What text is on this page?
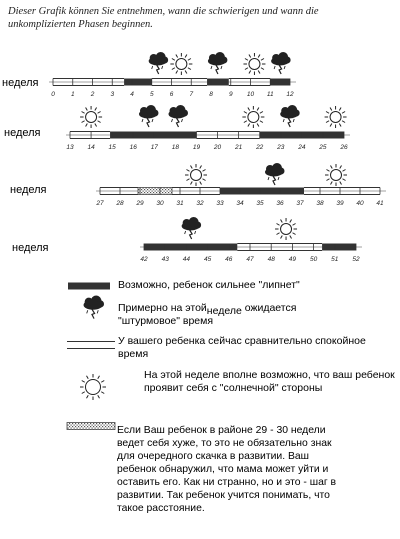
Dieser Grafik können Sie entnehmen, wann die schwierigen und wann die unkomplizierten Phasen beginnen.
неделя
неделя
неделя
неделя
0 1 2 3 4 5 6 7 8 9 10 11 12
13 14 15 16 17 18 19 20 21 22 23 24 25 26
27 28 29 30 31 32 33 34 35 36 37 38 39 40 41
42 43 44 45 46 47 48 49 50 51 52

Возможно, ребенок сильнее "липнет"

Примерно на этойнеделе ожидается

"штурмовое" время

У вашего ребенка сейчас сравнительно спокойное

время

На этой неделе вполне возможно, что ваш ребенок

проявит себя с "солнечной" стороны

Если Ваш ребенок в районе 29 - 30 недели

ведет себя хуже, то это не обязательно знак

для очередного скачка в развитии. Ваш

ребенок обнаружил, что мама может уйти и

оставить его. Как ни странно, но и это - шаг в

развитии. Так ребенок учится понимать, что

такое расстояние.
